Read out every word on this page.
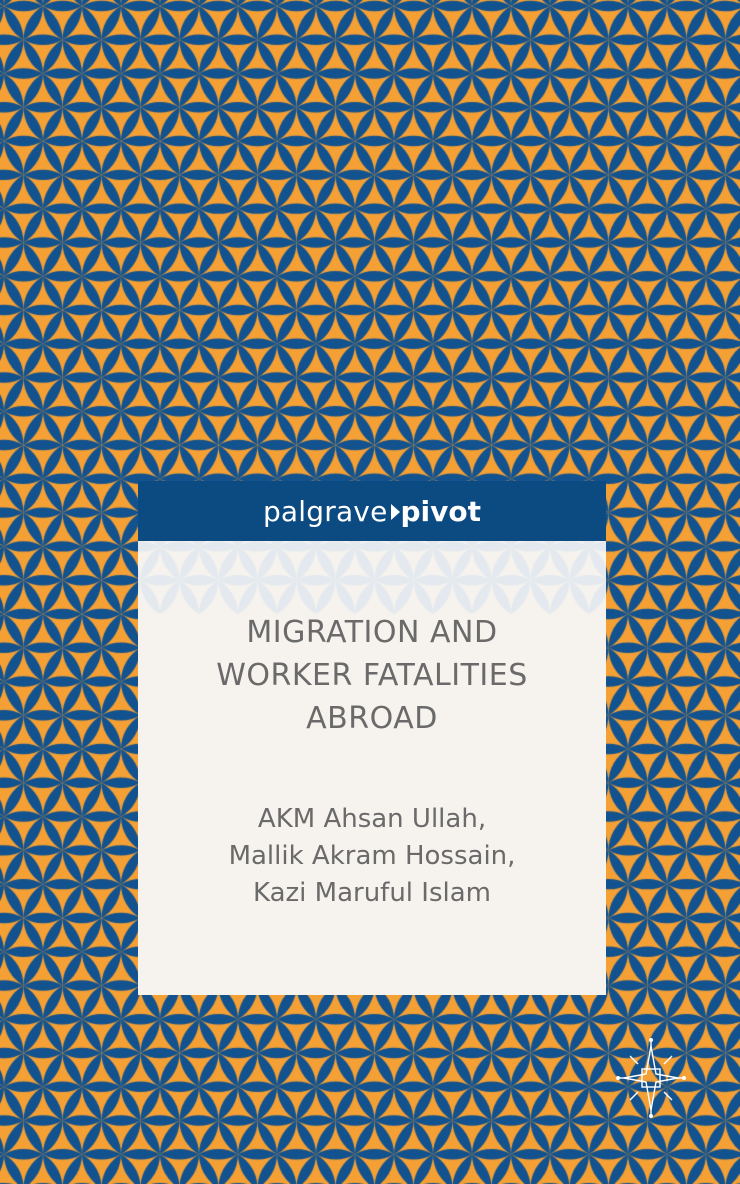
palgrave pivot
MIGRATION AND
WORKER FATALITIES
ABROAD
AKM Ahsan Ullah,
Mallik Akram Hossain,
Kazi Maruful Islam
